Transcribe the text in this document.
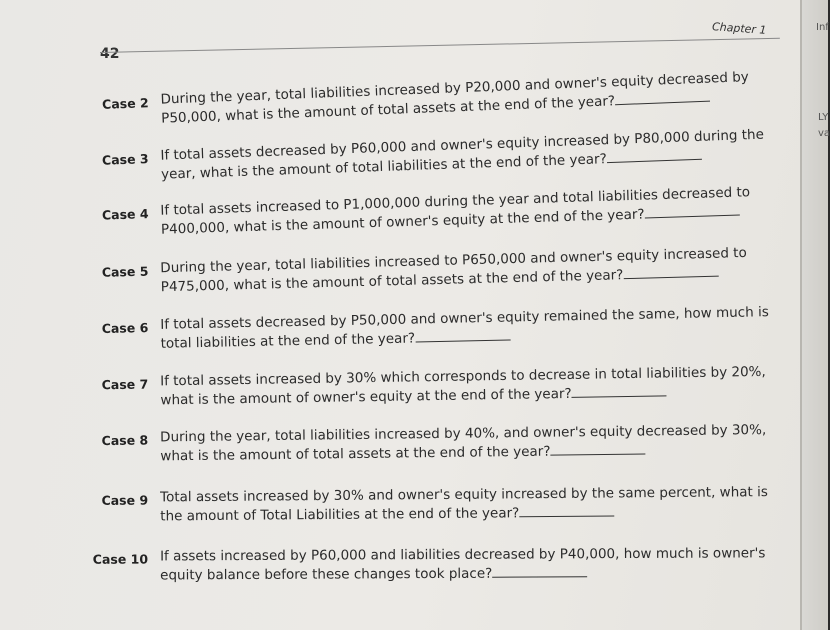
Chapter 1
42
Case 2 During the year, total liabilities increased by P20,000 and owner's equity decreased by P50,000, what is the amount of total assets at the end of the year?
Case 3 If total assets decreased by P60,000 and owner's equity increased by P80,000 during the year, what is the amount of total liabilities at the end of the year?
Case 4 If total assets increased to P1,000,000 during the year and total liabilities decreased to P400,000, what is the amount of owner's equity at the end of the year?
Case 5 During the year, total liabilities increased to P650,000 and owner's equity increased to P475,000, what is the amount of total assets at the end of the year?
Case 6 If total assets decreased by P50,000 and owner's equity remained the same, how much is total liabilities at the end of the year?
Case 7 If total assets increased by 30% which corresponds to decrease in total liabilities by 20%, what is the amount of owner's equity at the end of the year?
Case 8 During the year, total liabilities increased by 40%, and owner's equity decreased by 30%, what is the amount of total assets at the end of the year?
Case 9 Total assets increased by 30% and owner's equity increased by the same percent, what is the amount of Total Liabilities at the end of the year?
Case 10 If assets increased by P60,000 and liabilities decreased by P40,000, how much is owner's equity balance before these changes took place?
Inf
LY
va
